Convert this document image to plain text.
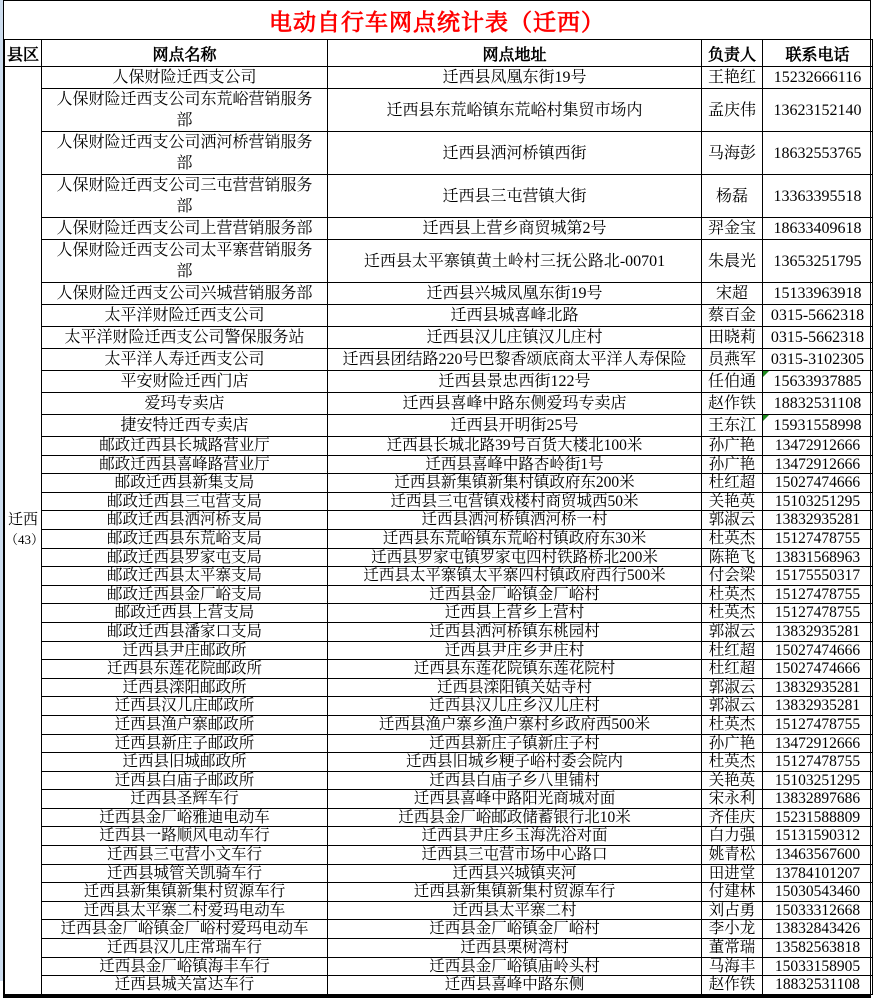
电动自行车网点统计表（迁西）
县区	网点名称	网点地址	负责人	联系电话

迁西
（43）	人保财险迁西支公司	迁西县凤凰东街19号	王艳红	15232666116
	人保财险迁西支公司东荒峪营销服务部	迁西县东荒峪镇东荒峪村集贸市场内	孟庆伟	13623152140
	人保财险迁西支公司洒河桥营销服务部	迁西县洒河桥镇西街	马海彭	18632553765
	人保财险迁西支公司三屯营营销服务部	迁西县三屯营镇大街	杨磊	13363395518
	人保财险迁西支公司上营营销服务部	迁西县上营乡商贸城第2号	羿金宝	18633409618
	人保财险迁西支公司太平寨营销服务部	迁西县太平寨镇黄土岭村三抚公路北-00701	朱晨光	13653251795
	人保财险迁西支公司兴城营销服务部	迁西县兴城凤凰东街19号	宋超	15133963918
	太平洋财险迁西支公司	迁西县城喜峰北路	蔡百金	0315-5662318
	太平洋财险迁西支公司警保服务站	迁西县汉儿庄镇汉儿庄村	田晓莉	0315-5662318
	太平洋人寿迁西支公司	迁西县团结路220号巴黎香颂底商太平洋人寿保险	员燕军	0315-3102305
	平安财险迁西门店	迁西县景忠西街122号	任伯通	15633937885
	爱玛专卖店	迁西县喜峰中路东侧爱玛专卖店	赵作铁	18832531108
	捷安特迁西专卖店	迁西县开明街25号	王东江	15931558998
	邮政迁西县长城路营业厅	迁西县长城北路39号百货大楼北100米	孙广艳	13472912666
	邮政迁西县喜峰路营业厅	迁西县喜峰中路杏岭街1号	孙广艳	13472912666
	邮政迁西县新集支局	迁西县新集镇新集村镇政府东200米	杜红超	15027474666
	邮政迁西县三屯营支局	迁西县三屯营镇戏楼村商贸城西50米	关艳英	15103251295
	邮政迁西县洒河桥支局	迁西县洒河桥镇洒河桥一村	郭淑云	13832935281
	邮政迁西县东荒峪支局	迁西县东荒峪镇东荒峪村镇政府东30米	杜英杰	15127478755
	邮政迁西县罗家屯支局	迁西县罗家屯镇罗家屯四村铁路桥北200米	陈艳飞	13831568963
	邮政迁西县太平寨支局	迁西县太平寨镇太平寨四村镇政府西行500米	付会梁	15175550317
	邮政迁西县金厂峪支局	迁西县金厂峪镇金厂峪村	杜英杰	15127478755
	邮政迁西县上营支局	迁西县上营乡上营村	杜英杰	15127478755
	邮政迁西县潘家口支局	迁西县洒河桥镇东桃园村	郭淑云	13832935281
	迁西县尹庄邮政所	迁西县尹庄乡尹庄村	杜红超	15027474666
	迁西县东莲花院邮政所	迁西县东莲花院镇东莲花院村	杜红超	15027474666
	迁西县滦阳邮政所	迁西县滦阳镇关姑寺村	郭淑云	13832935281
	迁西县汉儿庄邮政所	迁西县汉儿庄乡汉儿庄村	郭淑云	13832935281
	迁西县渔户寨邮政所	迁西县渔户寨乡渔户寨村乡政府西500米	杜英杰	15127478755
	迁西县新庄子邮政所	迁西县新庄子镇新庄子村	孙广艳	13472912666
	迁西县旧城邮政所	迁西县旧城乡粳子峪村委会院内	杜英杰	15127478755
	迁西县白庙子邮政所	迁西县白庙子乡八里铺村	关艳英	15103251295
	迁西县圣辉车行	迁西县喜峰中路阳光商城对面	宋永利	13832897686
	迁西县金厂峪雅迪电动车	迁西县金厂峪邮政储蓄银行北10米	齐佳庆	15231588809
	迁西县一路顺风电动车行	迁西县尹庄乡玉海洗浴对面	白力强	15131590312
	迁西县三屯营小文车行	迁西县三屯营市场中心路口	姚青松	13463567600
	迁西县城管关凯骑车行	迁西县兴城镇夹河	田进堂	13784101207
	迁西县新集镇新集村贸源车行	迁西县新集镇新集村贸源车行	付建林	15030543460
	迁西县太平寨二村爱玛电动车	迁西县太平寨二村	刘占勇	15033312668
	迁西县金厂峪镇金厂峪村爱玛电动车	迁西县金厂峪镇金厂峪村	李小龙	13832843426
	迁西县汉儿庄常瑞车行	迁西县栗树湾村	董常瑞	13582563818
	迁西县金厂峪镇海丰车行	迁西县金厂峪镇庙岭头村	马海丰	15033158905
	迁西县城关富达车行	迁西县喜峰中路东侧	赵作铁	18832531108
